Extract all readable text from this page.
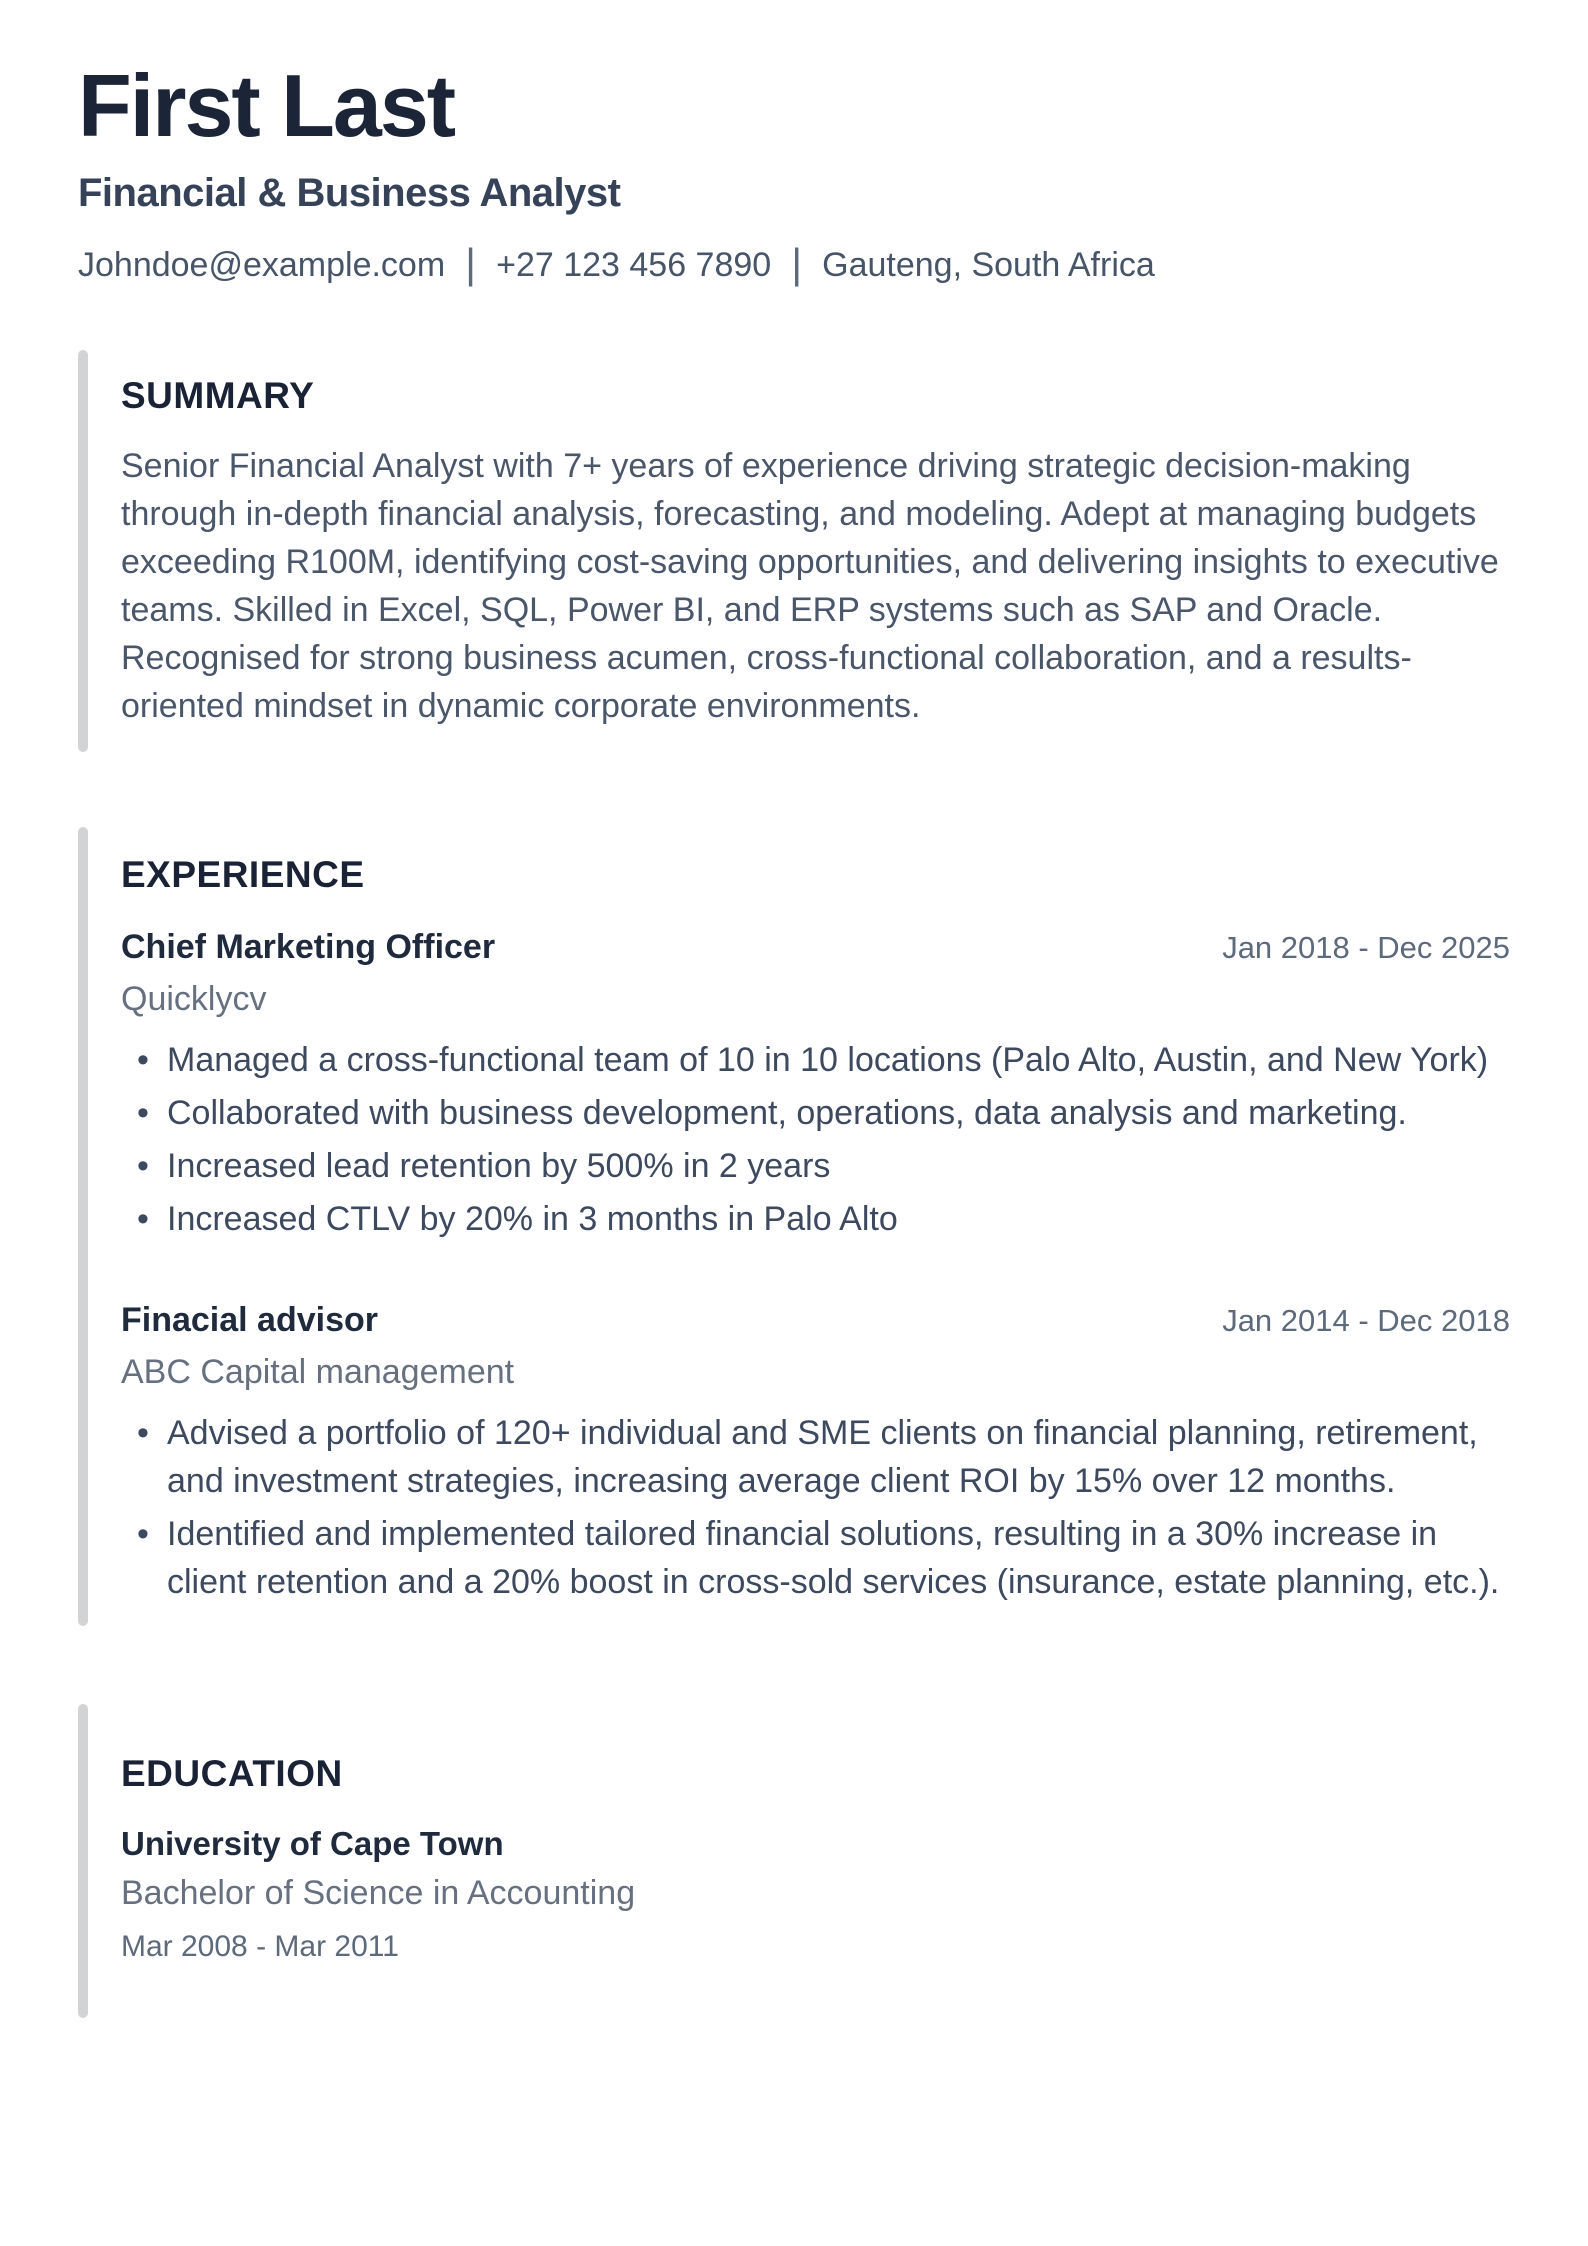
First Last
Financial & Business Analyst
Johndoe@example.com | +27 123 456 7890 | Gauteng, South Africa
SUMMARY

Senior Financial Analyst with 7+ years of experience driving strategic decision-making through in-depth financial analysis, forecasting, and modeling. Adept at managing budgets exceeding R100M, identifying cost-saving opportunities, and delivering insights to executive teams. Skilled in Excel, SQL, Power BI, and ERP systems such as SAP and Oracle. Recognised for strong business acumen, cross-functional collaboration, and a results-oriented mindset in dynamic corporate environments.

EXPERIENCE
Chief Marketing Officer	Jan 2018 - Dec 2025
Quicklycv
• Managed a cross-functional team of 10 in 10 locations (Palo Alto, Austin, and New York)
• Collaborated with business development, operations, data analysis and marketing.
• Increased lead retention by 500% in 2 years
• Increased CTLV by 20% in 3 months in Palo Alto
Finacial advisor	Jan 2014 - Dec 2018
ABC Capital management
• Advised a portfolio of 120+ individual and SME clients on financial planning, retirement, and investment strategies, increasing average client ROI by 15% over 12 months.
• Identified and implemented tailored financial solutions, resulting in a 30% increase in client retention and a 20% boost in cross-sold services (insurance, estate planning, etc.).
EDUCATION
University of Cape Town
Bachelor of Science in Accounting
Mar 2008 - Mar 2011
